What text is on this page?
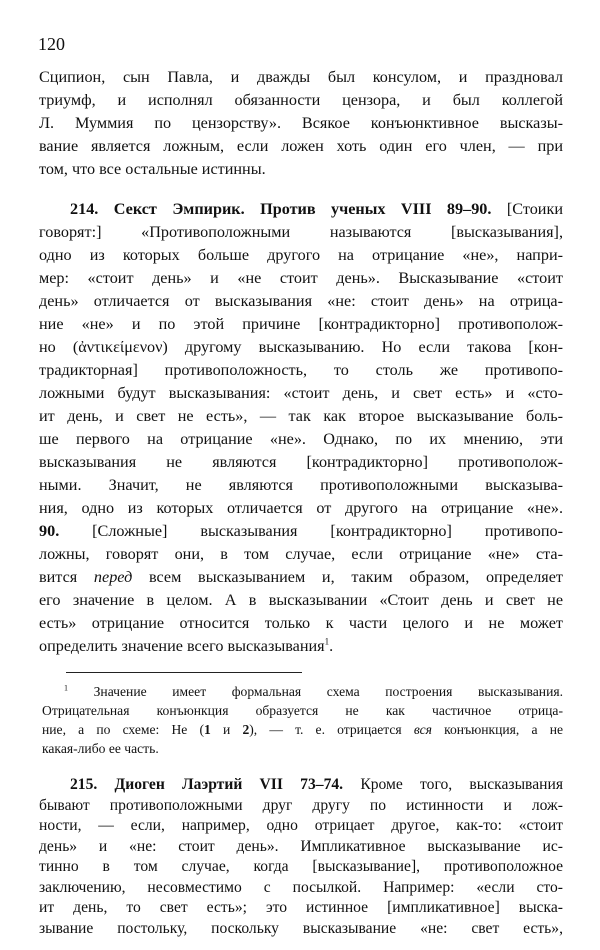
120
Сципион, сын Павла, и дважды был консулом, и праздновал
триумф, и исполнял обязанности цензора, и был коллегой
Л. Муммия по цензорству». Всякое конъюнктивное высказы-
вание является ложным, если ложен хоть один его член, — при
том, что все остальные истинны.
214. Секст Эмпирик. Против ученых VIII 89–90. [Стоики
говорят:] «Противоположными называются [высказывания],
одно из которых больше другого на отрицание «не», напри-
мер: «стоит день» и «не стоит день». Высказывание «стоит
день» отличается от высказывания «не: стоит день» на отрица-
ние «не» и по этой причине [контрадикторно] противополож-
но (ἀντικείμενον) другому высказыванию. Но если такова [кон-
традикторная] противоположность, то столь же противопо-
ложными будут высказывания: «стоит день, и свет есть» и «сто-
ит день, и свет не есть», — так как второе высказывание боль-
ше первого на отрицание «не». Однако, по их мнению, эти
высказывания не являются [контрадикторно] противополож-
ными. Значит, не являются противоположными высказыва-
ния, одно из которых отличается от другого на отрицание «не».
90. [Сложные] высказывания [контрадикторно] противопо-
ложны, говорят они, в том случае, если отрицание «не» ста-
вится перед всем высказыванием и, таким образом, определяет
его значение в целом. А в высказывании «Стоит день и свет не
есть» отрицание относится только к части целого и не может
определить значение всего высказывания$^1$.
$^1$ Значение имеет формальная схема построения высказывания.
Отрицательная конъюнкция образуется не как частичное отрица-
ние, а по схеме: Не (1 и 2), — т. е. отрицается вся конъюнкция, а не
какая-либо ее часть.
215. Диоген Лаэртий VII 73–74. Кроме того, высказывания
бывают противоположными друг другу по истинности и лож-
ности, — если, например, одно отрицает другое, как-то: «стоит
день» и «не: стоит день». Импликативное высказывание ис-
тинно в том случае, когда [высказывание], противоположное
заключению, несовместимо с посылкой. Например: «если сто-
ит день, то свет есть»; это истинное [импликативное] выска-
зывание постольку, поскольку высказывание «не: свет есть»,
